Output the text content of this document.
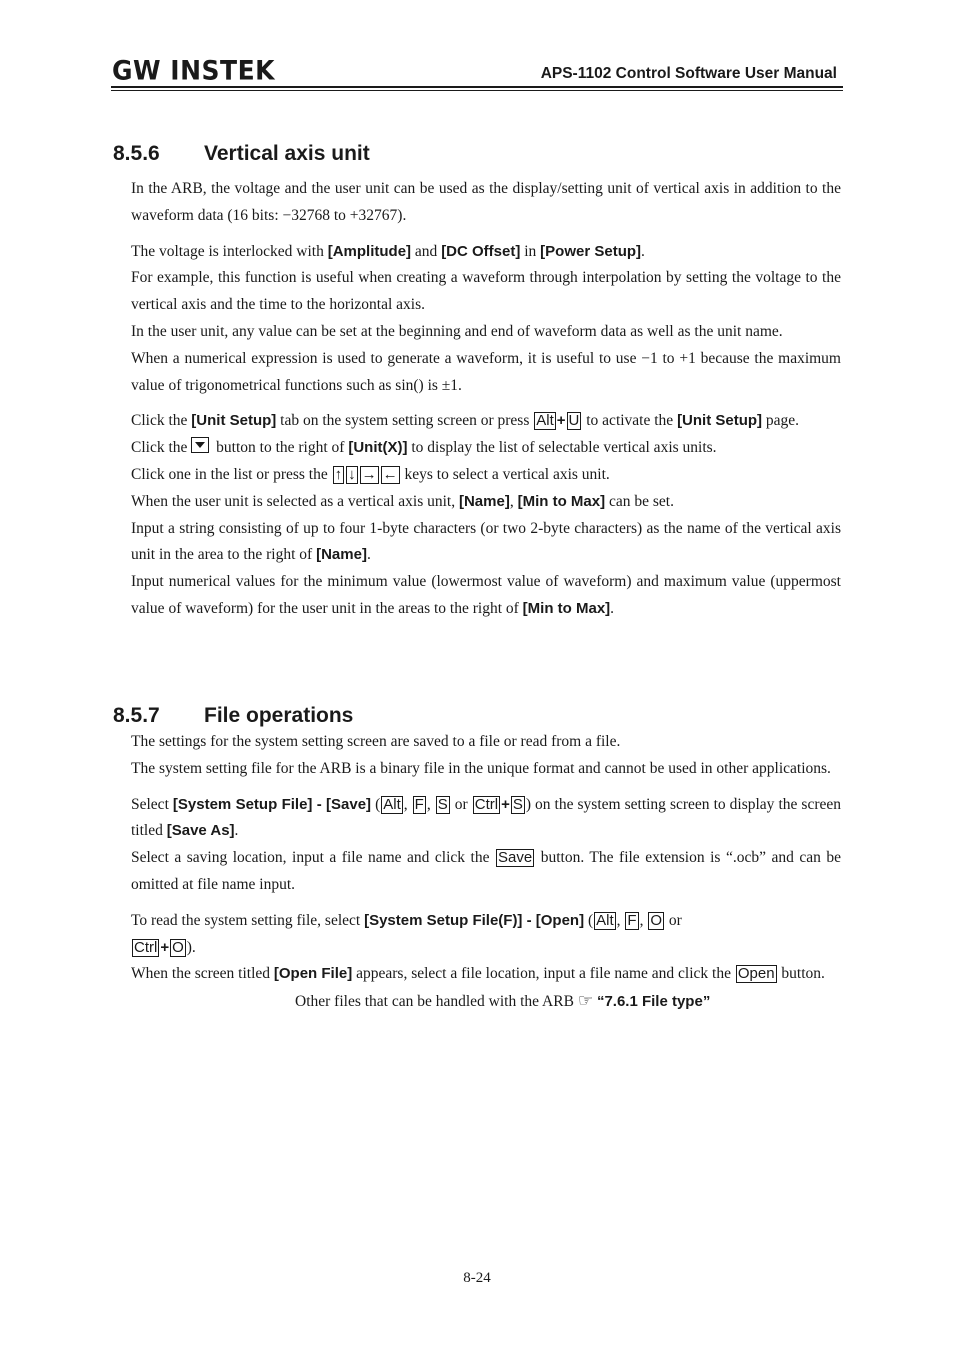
GW INSTEK	APS-1102 Control Software User Manual
8.5.6 Vertical axis unit

In the ARB, the voltage and the user unit can be used as the display/setting unit of vertical axis in addition to the waveform data (16 bits: −32768 to +32767).

The voltage is interlocked with [Amplitude] and [DC Offset] in [Power Setup].

For example, this function is useful when creating a waveform through interpolation by setting the voltage to the vertical axis and the time to the horizontal axis.

In the user unit, any value can be set at the beginning and end of waveform data as well as the unit name.

When a numerical expression is used to generate a waveform, it is useful to use −1 to +1 because the maximum value of trigonometrical functions such as sin() is ±1.

Click the [Unit Setup] tab on the system setting screen or press Alt + U to activate the [Unit Setup] page.

Click the  button to the right of [Unit(X)] to display the list of selectable vertical axis units.

Click one in the list or press the ↑ ↓ → ← keys to select a vertical axis unit.

When the user unit is selected as a vertical axis unit, [Name], [Min to Max] can be set.

Input a string consisting of up to four 1-byte characters (or two 2-byte characters) as the name of the vertical axis unit in the area to the right of [Name].

Input numerical values for the minimum value (lowermost value of waveform) and maximum value (uppermost value of waveform) for the user unit in the areas to the right of [Min to Max].

8.5.7 File operations

The settings for the system setting screen are saved to a file or read from a file.

The system setting file for the ARB is a binary file in the unique format and cannot be used in other applications.

Select [System Setup File] - [Save] ( Alt , F , S or Ctrl + S ) on the system setting screen to display the screen titled [Save As].

Select a saving location, input a file name and click the Save button. The file extension is “.ocb” and can be omitted at file name input.

To read the system setting file, select [System Setup File(F)] - [Open] ( Alt , F , O or
Ctrl + O ).

When the screen titled [Open File] appears, select a file location, input a file name and click the Open button.

Other files that can be handled with the ARB ☞ “7.6.1 File type”

8-24
